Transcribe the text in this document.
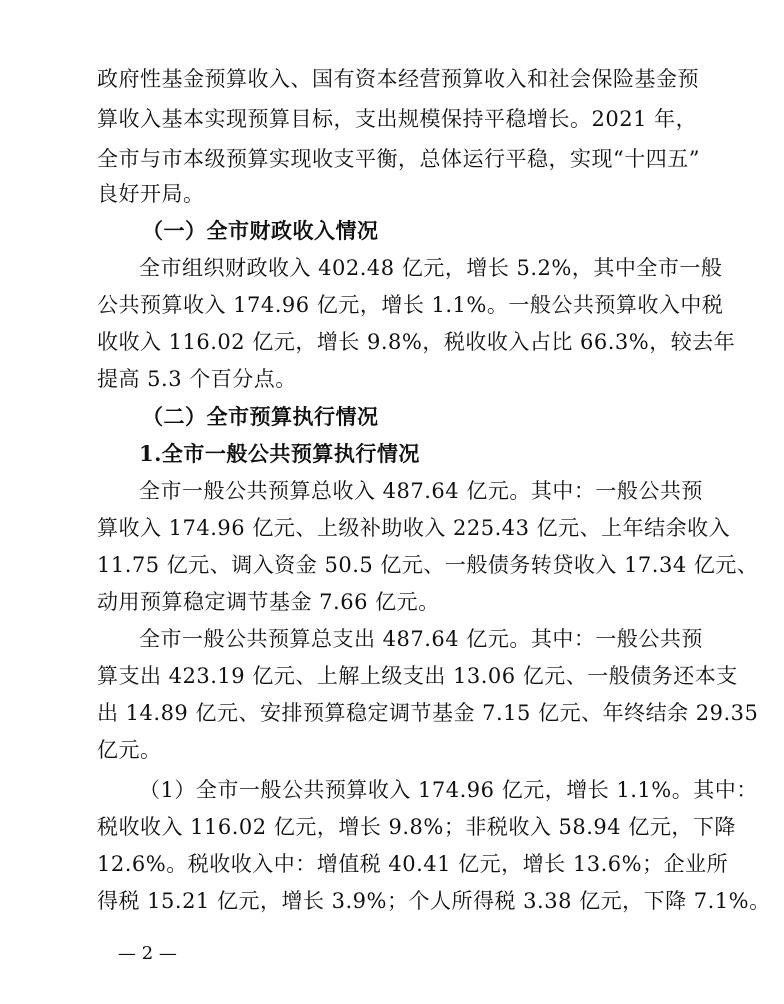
政府性基金预算收入、国有资本经营预算收入和社会保险基金预
算收入基本实现预算目标，支出规模保持平稳增长。2021 年，
全市与市本级预算实现收支平衡，总体运行平稳，实现“十四五”
良好开局。
（一）全市财政收入情况
全市组织财政收入 402.48 亿元，增长 5.2%，其中全市一般
公共预算收入 174.96 亿元，增长 1.1%。一般公共预算收入中税
收收入 116.02 亿元，增长 9.8%，税收收入占比 66.3%，较去年
提高 5.3 个百分点。
（二）全市预算执行情况
1.全市一般公共预算执行情况
全市一般公共预算总收入 487.64 亿元。其中：一般公共预
算收入 174.96 亿元、上级补助收入 225.43 亿元、上年结余收入
11.75 亿元、调入资金 50.5 亿元、一般债务转贷收入 17.34 亿元、
动用预算稳定调节基金 7.66 亿元。
全市一般公共预算总支出 487.64 亿元。其中：一般公共预
算支出 423.19 亿元、上解上级支出 13.06 亿元、一般债务还本支
出 14.89 亿元、安排预算稳定调节基金 7.15 亿元、年终结余 29.35
亿元。
（1）全市一般公共预算收入 174.96 亿元，增长 1.1%。其中：
税收收入 116.02 亿元，增长 9.8%；非税收入 58.94 亿元，下降
12.6%。税收收入中：增值税 40.41 亿元，增长 13.6%；企业所
得税 15.21 亿元，增长 3.9%；个人所得税 3.38 亿元，下降 7.1%。
— 2 —
